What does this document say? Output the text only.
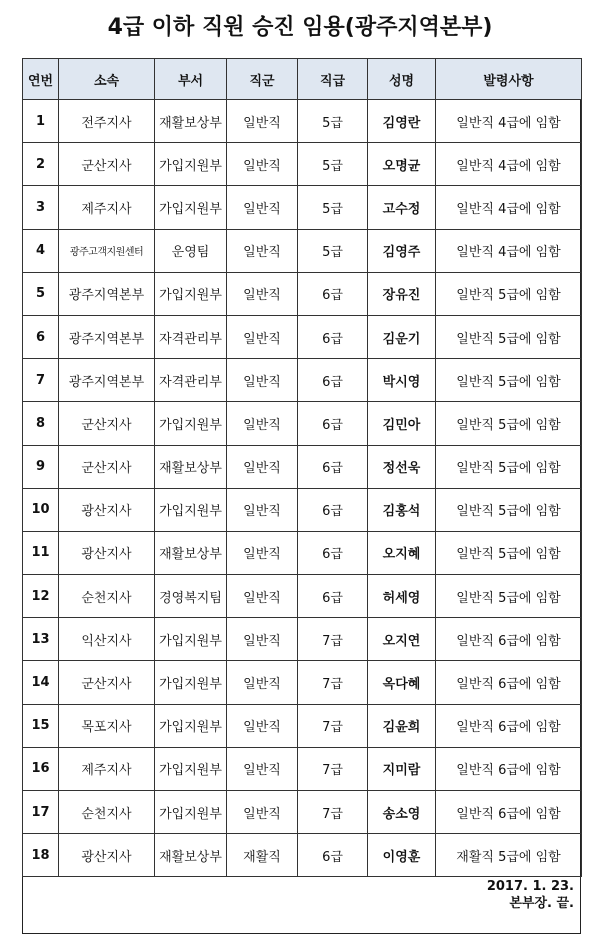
4급 이하 직원 승진 임용(광주지역본부)
연번	소속	부서	직군	직급	성명	발령사항
1	전주지사	재활보상부	일반직	5급	김영란	일반직 4급에 임함
2	군산지사	가입지원부	일반직	5급	오명균	일반직 4급에 임함
3	제주지사	가입지원부	일반직	5급	고수정	일반직 4급에 임함
4	광주고객지원센터	운영팀	일반직	5급	김영주	일반직 4급에 임함
5	광주지역본부	가입지원부	일반직	6급	장유진	일반직 5급에 임함
6	광주지역본부	자격관리부	일반직	6급	김운기	일반직 5급에 임함
7	광주지역본부	자격관리부	일반직	6급	박시영	일반직 5급에 임함
8	군산지사	가입지원부	일반직	6급	김민아	일반직 5급에 임함
9	군산지사	재활보상부	일반직	6급	정선욱	일반직 5급에 임함
10	광산지사	가입지원부	일반직	6급	김홍석	일반직 5급에 임함
11	광산지사	재활보상부	일반직	6급	오지혜	일반직 5급에 임함
12	순천지사	경영복지팀	일반직	6급	허세영	일반직 5급에 임함
13	익산지사	가입지원부	일반직	7급	오지연	일반직 6급에 임함
14	군산지사	가입지원부	일반직	7급	옥다혜	일반직 6급에 임함
15	목포지사	가입지원부	일반직	7급	김윤희	일반직 6급에 임함
16	제주지사	가입지원부	일반직	7급	지미람	일반직 6급에 임함
17	순천지사	가입지원부	일반직	7급	송소영	일반직 6급에 임함
18	광산지사	재활보상부	재활직	6급	이영훈	재활직 5급에 임함
2017. 1. 23.
본부장. 끝.
